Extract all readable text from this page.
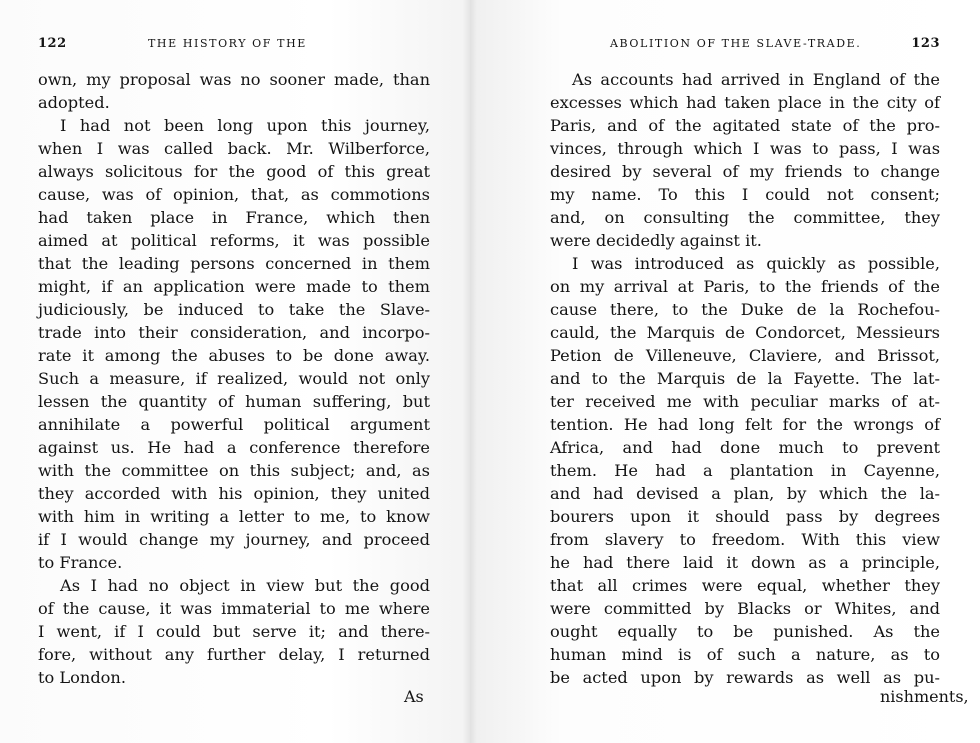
122	THE HISTORY OF THE
own, my proposal was no sooner made, than
adopted.
I had not been long upon this journey,
when I was called back. Mr. Wilberforce,
always solicitous for the good of this great
cause, was of opinion, that, as commotions
had taken place in France, which then
aimed at political reforms, it was possible
that the leading persons concerned in them
might, if an application were made to them
judiciously, be induced to take the Slave-
trade into their consideration, and incorpo-
rate it among the abuses to be done away.
Such a measure, if realized, would not only
lessen the quantity of human suffering, but
annihilate a powerful political argument
against us. He had a conference therefore
with the committee on this subject; and, as
they accorded with his opinion, they united
with him in writing a letter to me, to know
if I would change my journey, and proceed
to France.
As I had no object in view but the good
of the cause, it was immaterial to me where
I went, if I could but serve it; and there-
fore, without any further delay, I returned
to London.
As
ABOLITION OF THE SLAVE-TRADE.	123
As accounts had arrived in England of the
excesses which had taken place in the city of
Paris, and of the agitated state of the pro-
vinces, through which I was to pass, I was
desired by several of my friends to change
my name. To this I could not consent;
and, on consulting the committee, they
were decidedly against it.
I was introduced as quickly as possible,
on my arrival at Paris, to the friends of the
cause there, to the Duke de la Rochefou-
cauld, the Marquis de Condorcet, Messieurs
Petion de Villeneuve, Claviere, and Brissot,
and to the Marquis de la Fayette. The lat-
ter received me with peculiar marks of at-
tention. He had long felt for the wrongs of
Africa, and had done much to prevent
them. He had a plantation in Cayenne,
and had devised a plan, by which the la-
bourers upon it should pass by degrees
from slavery to freedom. With this view
he had there laid it down as a principle,
that all crimes were equal, whether they
were committed by Blacks or Whites, and
ought equally to be punished. As the
human mind is of such a nature, as to
be acted upon by rewards as well as pu-
nishments,
